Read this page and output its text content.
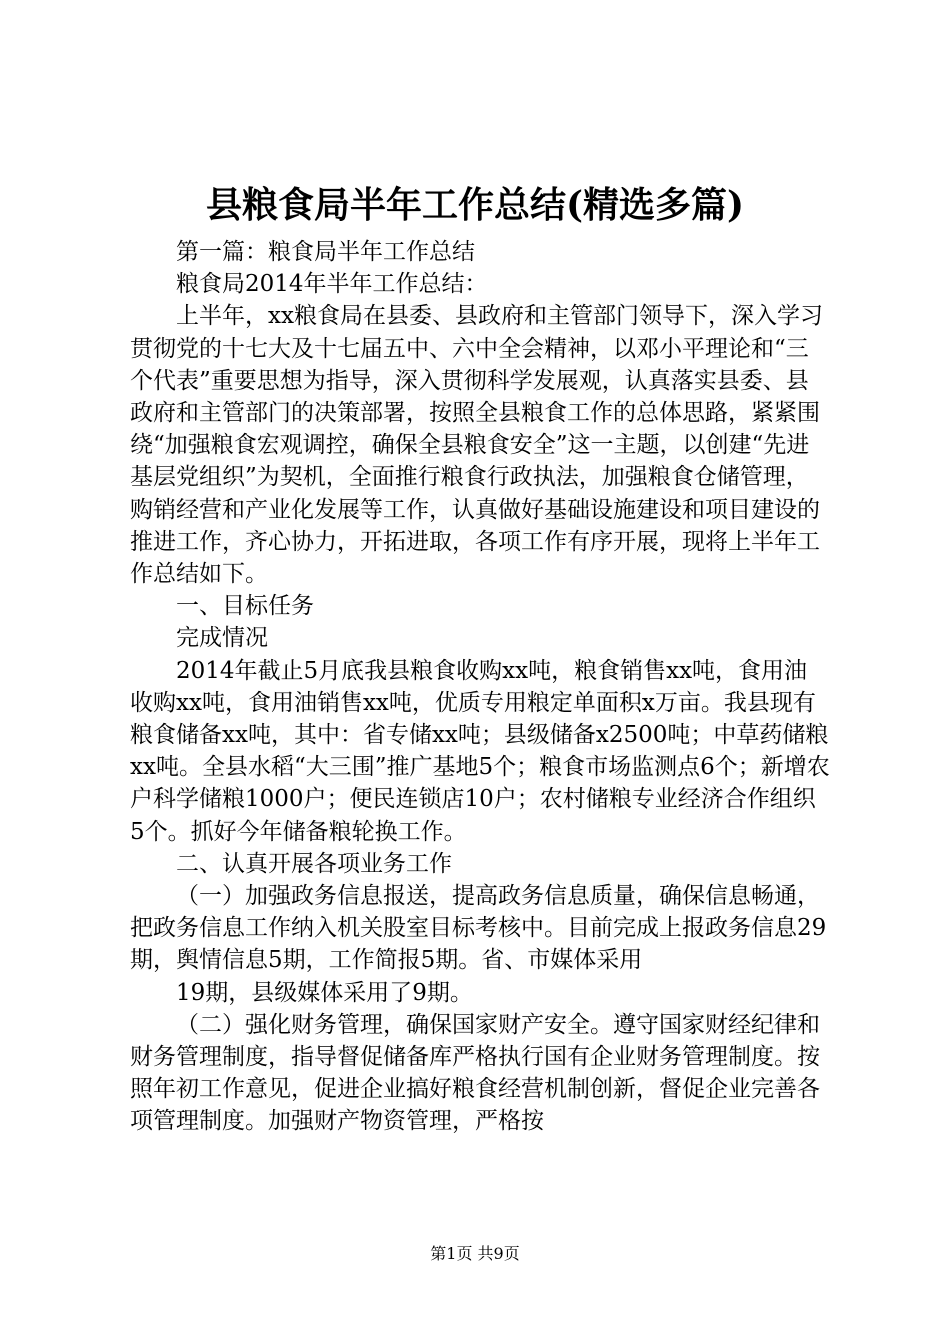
县粮食局半年工作总结(精选多篇)

第一篇：粮食局半年工作总结

粮食局2014年半年工作总结：

上半年，xx粮食局在县委、县政府和主管部门领导下，深入学习贯彻党的十七大及十七届五中、六中全会精神，以邓小平理论和“三个代表”重要思想为指导，深入贯彻科学发展观，认真落实县委、县政府和主管部门的决策部署，按照全县粮食工作的总体思路，紧紧围绕“加强粮食宏观调控，确保全县粮食安全”这一主题，以创建“先进基层党组织”为契机，全面推行粮食行政执法，加强粮食仓储管理，购销经营和产业化发展等工作，认真做好基础设施建设和项目建设的推进工作，齐心协力，开拓进取，各项工作有序开展，现将上半年工作总结如下。

一、目标任务

完成情况

2014年截止5月底我县粮食收购xx吨，粮食销售xx吨，食用油收购xx吨，食用油销售xx吨，优质专用粮定单面积x万亩。我县现有粮食储备xx吨，其中：省专储xx吨；县级储备x2500吨；中草药储粮xx吨。全县水稻“大三围”推广基地5个；粮食市场监测点6个；新增农户科学储粮1000户；便民连锁店10户；农村储粮专业经济合作组织5个。抓好今年储备粮轮换工作。

二、认真开展各项业务工作

（一）加强政务信息报送，提高政务信息质量，确保信息畅通，把政务信息工作纳入机关股室目标考核中。目前完成上报政务信息29期，舆情信息5期，工作简报5期。省、市媒体采用

19期，县级媒体采用了9期。

（二）强化财务管理，确保国家财产安全。遵守国家财经纪律和财务管理制度，指导督促储备库严格执行国有企业财务管理制度。按照年初工作意见，促进企业搞好粮食经营机制创新，督促企业完善各项管理制度。加强财产物资管理，严格按

第1页 共9页
